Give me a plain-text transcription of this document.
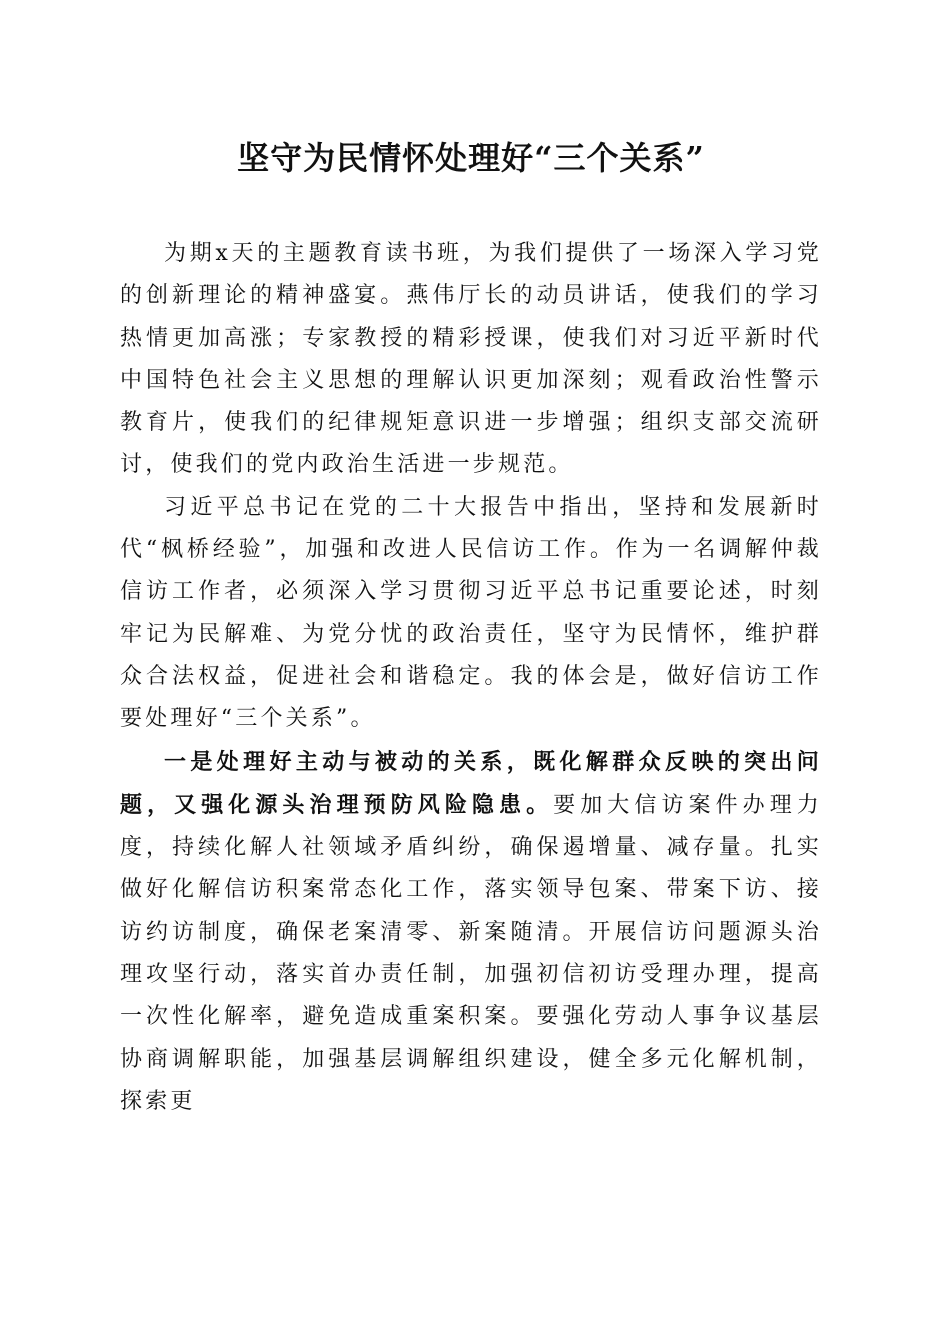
坚守为民情怀处理好“三个关系”

为期x天的主题教育读书班，为我们提供了一场深入学习党的创新理论的精神盛宴。燕伟厅长的动员讲话，使我们的学习热情更加高涨；专家教授的精彩授课，使我们对习近平新时代中国特色社会主义思想的理解认识更加深刻；观看政治性警示教育片，使我们的纪律规矩意识进一步增强；组织支部交流研讨，使我们的党内政治生活进一步规范。

习近平总书记在党的二十大报告中指出，坚持和发展新时代“枫桥经验”，加强和改进人民信访工作。作为一名调解仲裁信访工作者，必须深入学习贯彻习近平总书记重要论述，时刻牢记为民解难、为党分忧的政治责任，坚守为民情怀，维护群众合法权益，促进社会和谐稳定。我的体会是，做好信访工作要处理好“三个关系”。

一是处理好主动与被动的关系，既化解群众反映的突出问题，又强化源头治理预防风险隐患。要加大信访案件办理力度，持续化解人社领域矛盾纠纷，确保遏增量、减存量。扎实做好化解信访积案常态化工作，落实领导包案、带案下访、接访约访制度，确保老案清零、新案随清。开展信访问题源头治理攻坚行动，落实首办责任制，加强初信初访受理办理，提高一次性化解率，避免造成重案积案。要强化劳动人事争议基层协商调解职能，加强基层调解组织建设，健全多元化解机制，探索更
